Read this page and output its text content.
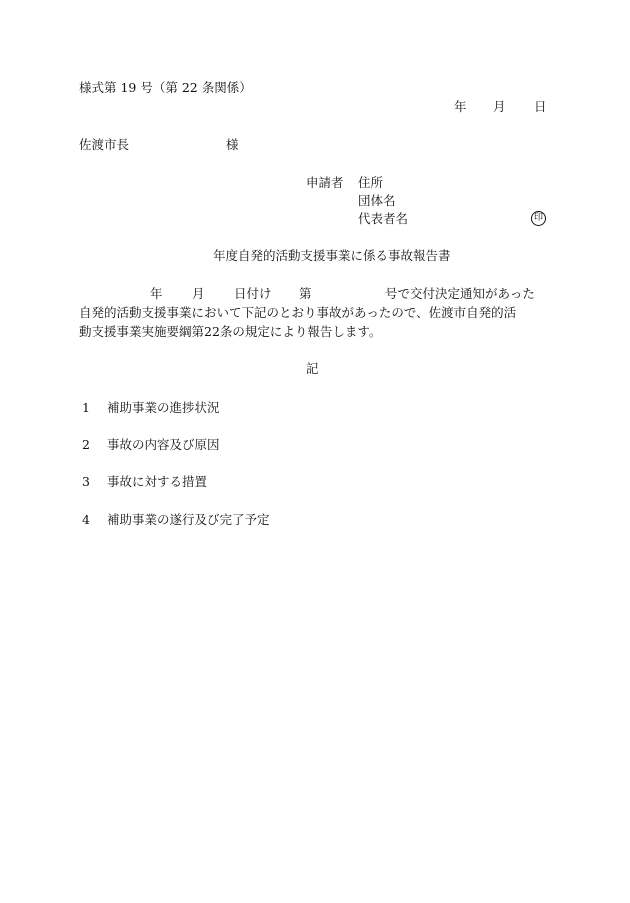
様式第 19 号（第 22 条関係）
年 月 日
佐渡市長	様
申請者 住所
団体名
代表者名	印
年度自発的活動支援事業に係る事故報告書
年 月 日付け 第	号で交付決定通知があった
自発的活動支援事業において下記のとおり事故があったので、佐渡市自発的活
動支援事業実施要綱第22条の規定により報告します。
記
1 補助事業の進捗状況
2 事故の内容及び原因
3 事故に対する措置
4 補助事業の遂行及び完了予定
